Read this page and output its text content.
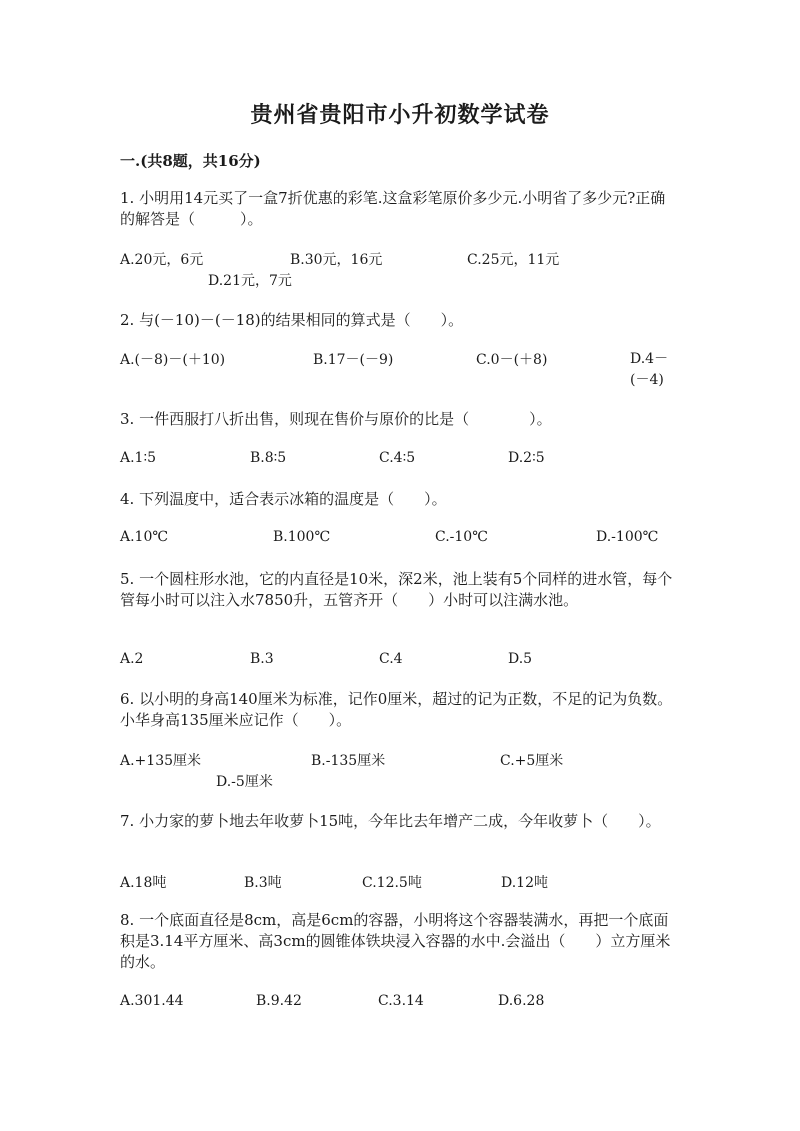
贵州省贵阳市小升初数学试卷
一.(共8题，共16分)
1. 小明用14元买了一盒7折优惠的彩笔.这盒彩笔原价多少元.小明省了多少元?正确的解答是（　　　）。
A.20元，6元	B.30元，16元	C.25元，11元
D.21元，7元
2. 与(－10)－(－18)的结果相同的算式是（　　）。
A.(－8)－(＋10)	B.17－(－9)	C.0－(＋8)	D.4－(－4)
3. 一件西服打八折出售，则现在售价与原价的比是（　　　　）。
A.1∶5	B.8∶5	C.4∶5	D.2∶5
4. 下列温度中，适合表示冰箱的温度是（　　）。
A.10℃	B.100℃	C.-10℃	D.-100℃
5. 一个圆柱形水池，它的内直径是10米，深2米，池上装有5个同样的进水管，每个管每小时可以注入水7850升，五管齐开（　　）小时可以注满水池。
A.2	B.3	C.4	D.5
6. 以小明的身高140厘米为标准，记作0厘米，超过的记为正数，不足的记为负数。小华身高135厘米应记作（　　）。
A.+135厘米	B.-135厘米	C.+5厘米
D.-5厘米
7. 小力家的萝卜地去年收萝卜15吨，今年比去年增产二成，今年收萝卜（　　）。
A.18吨	B.3吨	C.12.5吨	D.12吨
8. 一个底面直径是8cm，高是6cm的容器，小明将这个容器装满水，再把一个底面积是3.14平方厘米、高3cm的圆锥体铁块浸入容器的水中.会溢出（　　）立方厘米的水。
A.301.44	B.9.42	C.3.14	D.6.28
